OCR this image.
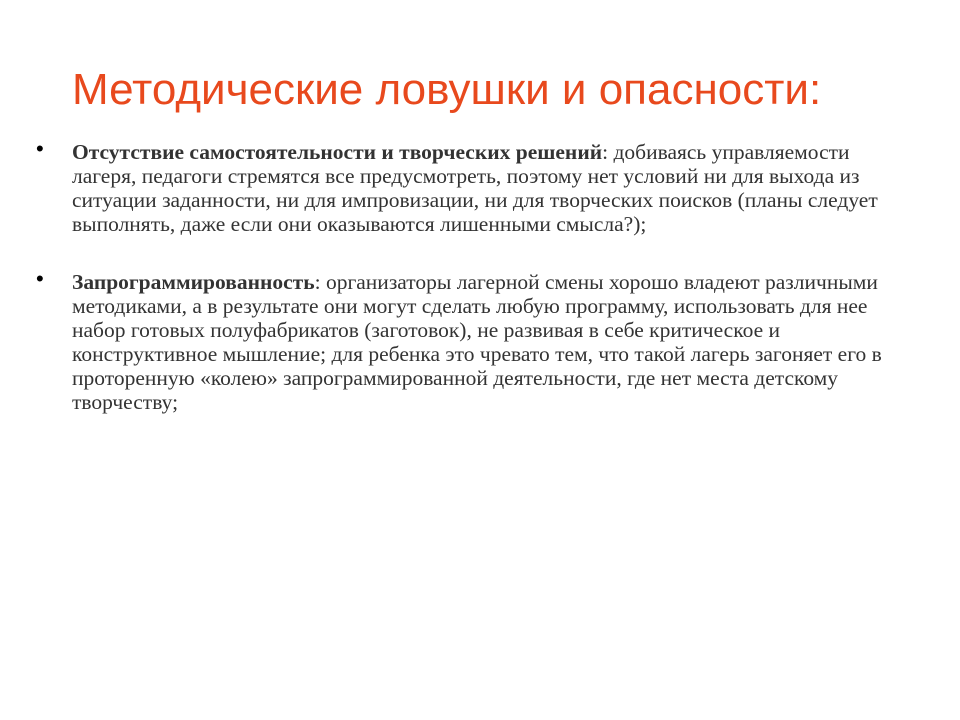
Методические ловушки и опасности:
• Отсутствие самостоятельности и творческих решений: добиваясь управляемости лагеря, педагоги стремятся все предусмотреть, поэтому нет условий ни для выхода из ситуации заданности, ни для импровизации, ни для творческих поисков (планы следует выполнять, даже если они оказываются лишенными смысла?);
• Запрограммированность: организаторы лагерной смены хорошо владеют различными методиками, а в результате они могут сделать любую программу, использовать для нее набор готовых полуфабрикатов (заготовок), не развивая в себе критическое и конструктивное мышление; для ребенка это чревато тем, что такой лагерь загоняет его в проторенную «колею» запрограммированной деятельности, где нет места детскому творчеству;
